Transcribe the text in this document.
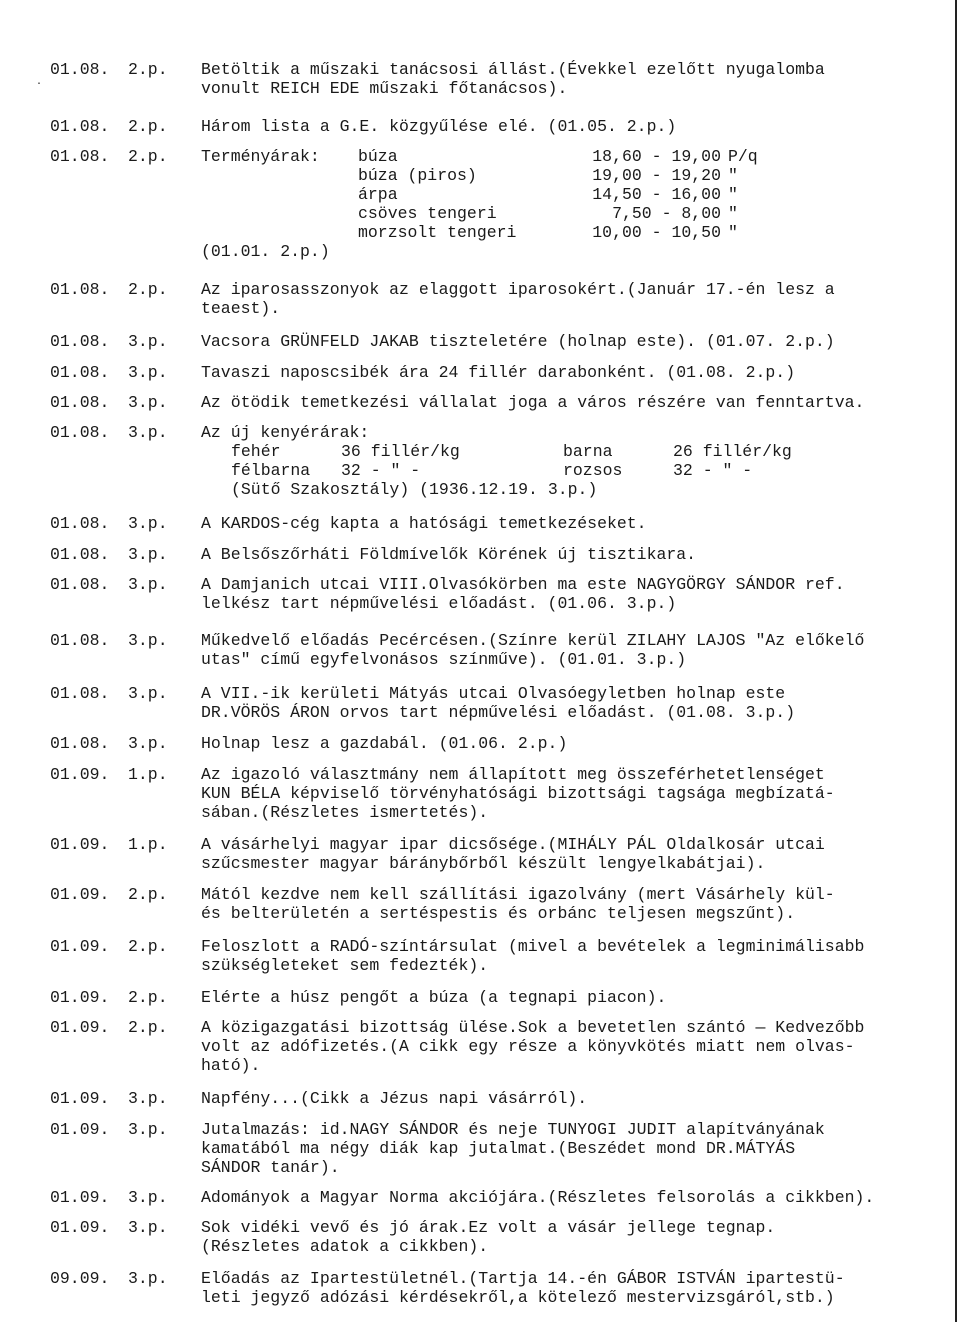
.
01.08. 2.p. Betöltik a műszaki tanácsosi állást.(Évekkel ezelőtt nyugalomba
vonult REICH EDE műszaki főtanácsos).
01.08. 2.p. Három lista a G.E. közgyűlése elé. (01.05. 2.p.)
01.08. 2.p. Terményárak: búza	18,60 - 19,00 P/q
búza (piros)	19,00 - 19,20 "
árpa	14,50 - 16,00 "
csöves tengeri	7,50 - 8,00 "
morzsolt tengeri	10,00 - 10,50 "
(01.01. 2.p.)
01.08. 2.p. Az iparosasszonyok az elaggott iparosokért.(Január 17.-én lesz a
teaest).
01.08. 3.p. Vacsora GRÜNFELD JAKAB tiszteletére (holnap este). (01.07. 2.p.)
01.08. 3.p. Tavaszi naposcsibék ára 24 fillér darabonként. (01.08. 2.p.)
01.08. 3.p. Az ötödik temetkezési vállalat joga a város részére van fenntartva.
01.08. 3.p. Az új kenyérárak:
fehér	36 fillér/kg	barna	26 fillér/kg
félbarna 32 - " -	rozsos	32 - " -
(Sütő Szakosztály) (1936.12.19. 3.p.)
01.08. 3.p. A KARDOS-cég kapta a hatósági temetkezéseket.
01.08. 3.p. A Belsőszőrháti Földmívelők Körének új tisztikara.
01.08. 3.p. A Damjanich utcai VIII.Olvasókörben ma este NAGYGÖRGY SÁNDOR ref.
lelkész tart népművelési előadást. (01.06. 3.p.)
01.08. 3.p. Műkedvelő előadás Pecércésen.(Színre kerül ZILAHY LAJOS "Az előkelő
utas" című egyfelvonásos színműve). (01.01. 3.p.)
01.08. 3.p. A VII.-ik kerületi Mátyás utcai Olvasóegyletben holnap este
DR.VÖRÖS ÁRON orvos tart népművelési előadást. (01.08. 3.p.)
01.08. 3.p. Holnap lesz a gazdabál. (01.06. 2.p.)
01.09. 1.p. Az igazoló választmány nem állapított meg összeférhetetlenséget
KUN BÉLA képviselő törvényhatósági bizottsági tagsága megbízatá-
sában.(Részletes ismertetés).
01.09. 1.p. A vásárhelyi magyar ipar dicsősége.(MIHÁLY PÁL Oldalkosár utcai
szűcsmester magyar báránybőrből készült lengyelkabátjai).
01.09. 2.p. Mától kezdve nem kell szállítási igazolvány (mert Vásárhely kül-
és belterületén a sertéspestis és orbánc teljesen megszűnt).
01.09. 2.p. Feloszlott a RADÓ-színtársulat (mivel a bevételek a legminimálisabb
szükségleteket sem fedezték).
01.09. 2.p. Elérte a húsz pengőt a búza (a tegnapi piacon).
01.09. 2.p. A közigazgatási bizottság ülése.Sok a bevetetlen szántó — Kedvezőbb
volt az adófizetés.(A cikk egy része a könyvkötés miatt nem olvas-
ható).
01.09. 3.p. Napfény...(Cikk a Jézus napi vásárról).
01.09. 3.p. Jutalmazás: id.NAGY SÁNDOR és neje TUNYOGI JUDIT alapítványának
kamatából ma négy diák kap jutalmat.(Beszédet mond DR.MÁTYÁS
SÁNDOR tanár).
01.09. 3.p. Adományok a Magyar Norma akciójára.(Részletes felsorolás a cikkben).
01.09. 3.p. Sok vidéki vevő és jó árak.Ez volt a vásár jellege tegnap.
(Részletes adatok a cikkben).
09.09. 3.p. Előadás az Ipartestületnél.(Tartja 14.-én GÁBOR ISTVÁN ipartestü-
leti jegyző adózási kérdésekről,a kötelező mestervizsgáról,stb.)
